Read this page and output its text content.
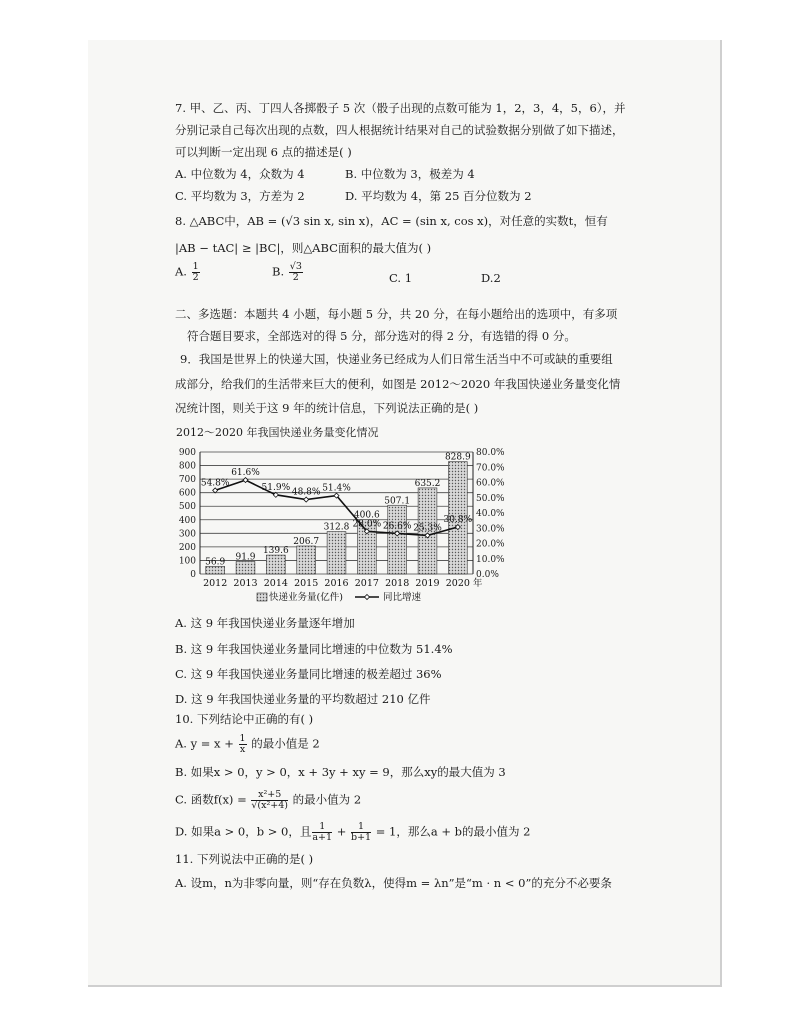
7. 甲、乙、丙、丁四人各掷骰子 5 次（骰子出现的点数可能为 1，2，3，4，5，6），并
分别记录自己每次出现的点数，四人根据统计结果对自己的试验数据分别做了如下描述，
可以判断一定出现 6 点的描述是( )
A. 中位数为 4，众数为 4	B. 中位数为 3，极差为 4
C. 平均数为 3，方差为 2	D. 平均数为 4，第 25 百分位数为 2
8. △ABC中，AB = (√3 sin x, sin x)，AC = (sin x, cos x)，对任意的实数t，恒有
|AB − tAC| ≥ |BC|，则△ABC面积的最大值为( )
A. $\frac{1}{2}$	B. $\frac{√3}{2}$	C. 1	D.2
二、多选题：本题共 4 小题，每小题 5 分，共 20 分，在每小题给出的选项中，有多项
符合题目要求，全部选对的得 5 分，部分选对的得 2 分，有选错的得 0 分。
9．我国是世界上的快递大国，快递业务已经成为人们日常生活当中不可或缺的重要组
成部分，给我们的生活带来巨大的便利，如图是 2012～2020 年我国快递业务量变化情
况统计图，则关于这 9 年的统计信息，下列说法正确的是( )
2012～2020 年我国快递业务量变化情况
0
100
200
300
400
500
600
700
800
900
0.0%
10.0%
20.0%
30.0%
40.0%
50.0%
60.0%
70.0%
80.0%
56.9
2012
91.9
2013
139.6
2014
206.7
2015
312.8
2016
400.6
2017
507.1
2018
635.2
2019
828.9
2020 年
54.8%
61.6%
51.9% 48.8% 51.4%
28.0% 26.6% 25.3%
30.8%
快递业务量(亿件)	同比增速
A. 这 9 年我国快递业务量逐年增加
B. 这 9 年我国快递业务量同比增速的中位数为 51.4%
C. 这 9 年我国快递业务量同比增速的极差超过 36%
D. 这 9 年我国快递业务量的平均数超过 210 亿件
10. 下列结论中正确的有( )
A. $y = x + \frac{1}{x}$ 的最小值是 2
B. 如果x > 0，y > 0，x + 3y + xy = 9，那么xy的最大值为 3
C. 函数$f(x) = \frac{\text{x²+5}}{\text{√(x²+4)}}$ 的最小值为 2
D. 如果a > 0，b > 0，且 $\frac{1}{a+1} + \frac{1}{b+1} = 1$，那么a + b的最小值为 2
11. 下列说法中正确的是( )
A. 设m，n为非零向量，则“存在负数λ，使得m = λn”是“m · n < 0”的充分不必要条
